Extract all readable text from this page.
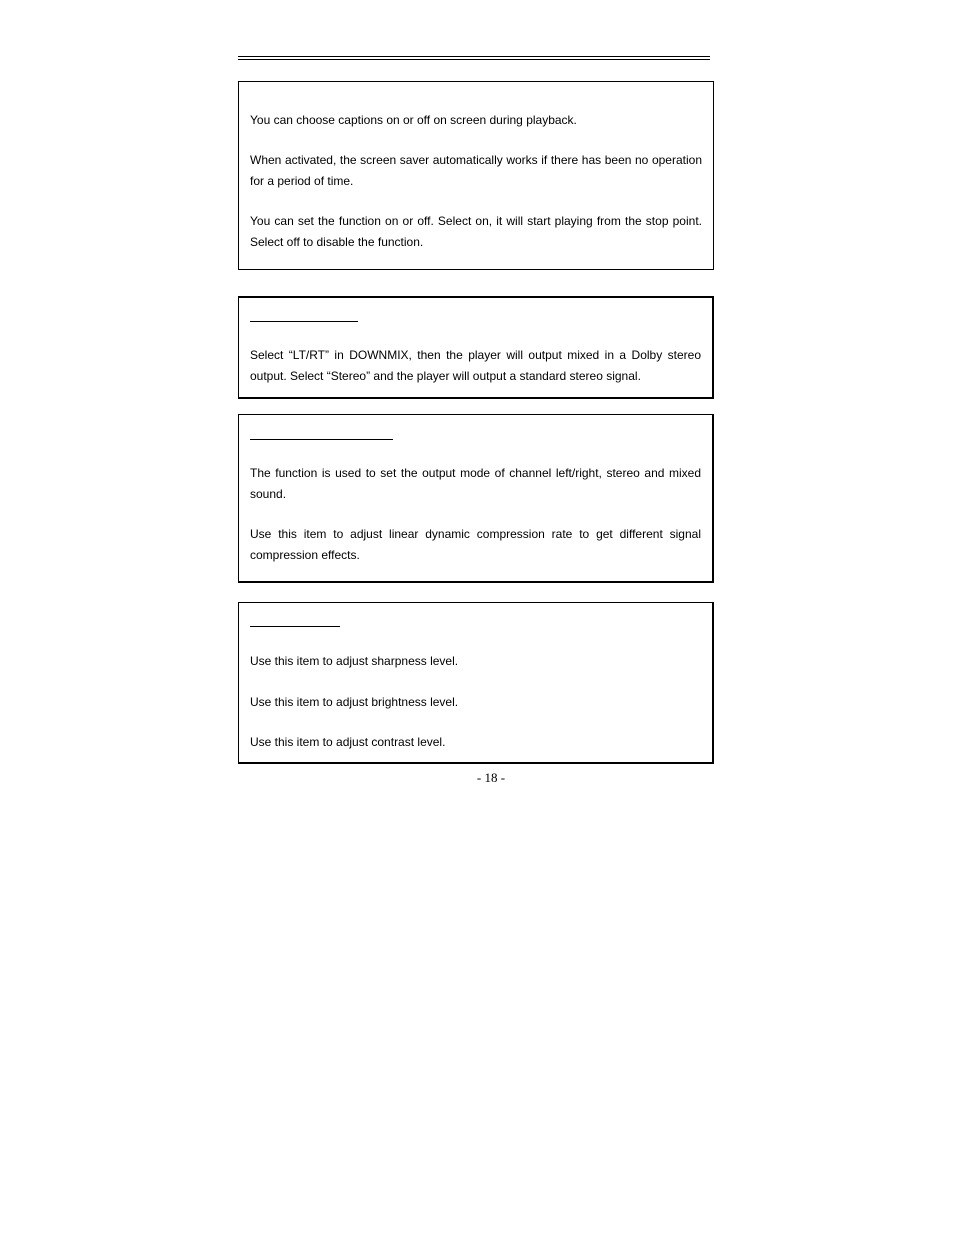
You can choose captions on or off on screen during playback.

When activated, the screen saver automatically works if there has been no operation for a period of time.

You can set the function on or off. Select on, it will start playing from the stop point. Select off to disable the function.

Select “LT/RT” in DOWNMIX, then the player will output mixed in a Dolby stereo output. Select “Stereo” and the player will output a standard stereo signal.

The function is used to set the output mode of channel left/right, stereo and mixed sound.

Use this item to adjust linear dynamic compression rate to get different signal compression effects.

Use this item to adjust sharpness level.

Use this item to adjust brightness level.

Use this item to adjust contrast level.

- 18 -
